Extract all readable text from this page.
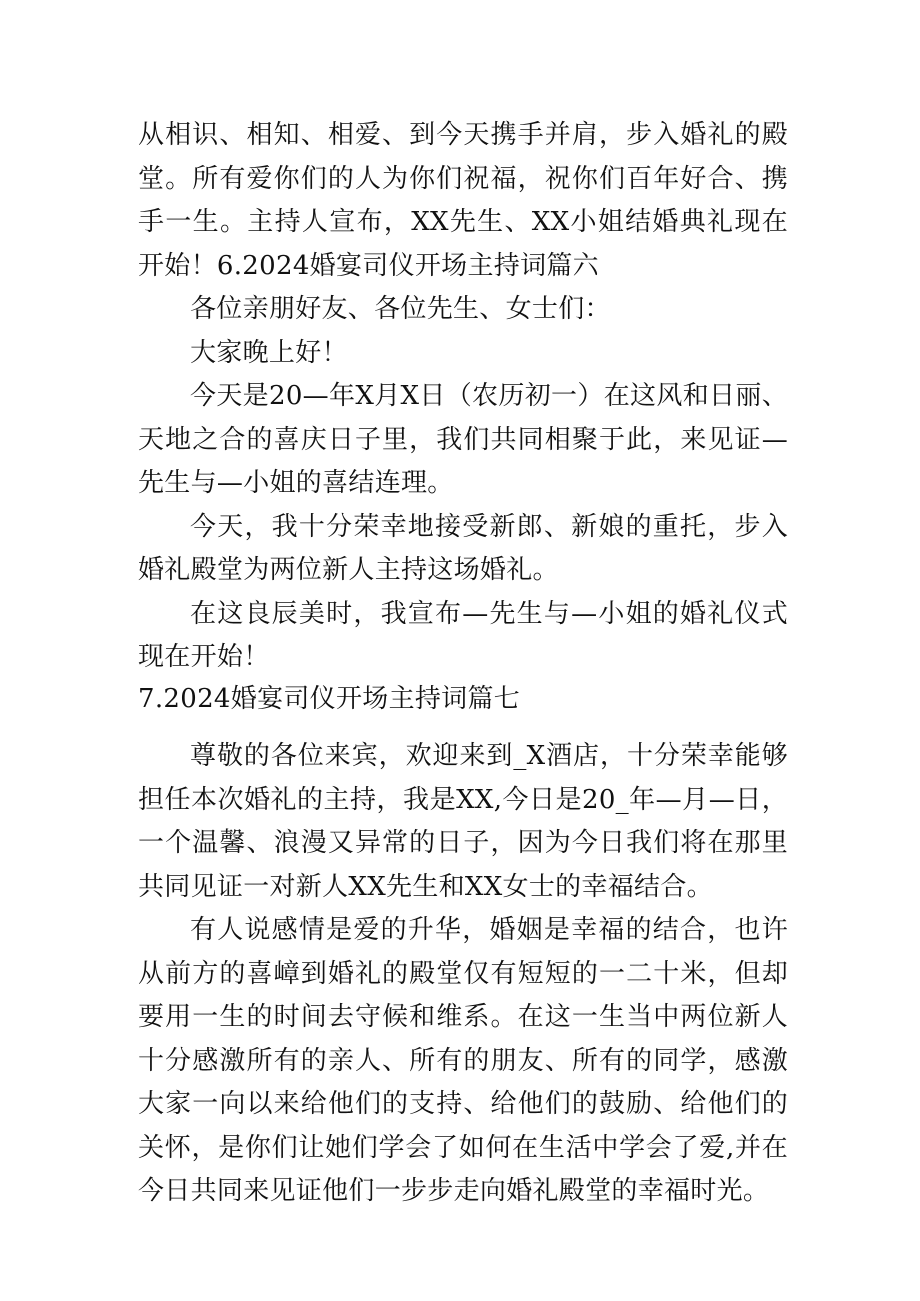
从相识、相知、相爱、到今天携手并肩，步入婚礼的殿堂。所有爱你们的人为你们祝福，祝你们百年好合、携手一生。主持人宣布，XX先生、XX小姐结婚典礼现在开始！6.2024婚宴司仪开场主持词篇六

各位亲朋好友、各位先生、女士们：

大家晚上好！

今天是20—年X月X日（农历初一）在这风和日丽、天地之合的喜庆日子里，我们共同相聚于此，来见证—先生与—小姐的喜结连理。

今天，我十分荣幸地接受新郎、新娘的重托，步入婚礼殿堂为两位新人主持这场婚礼。

在这良辰美时，我宣布—先生与—小姐的婚礼仪式现在开始！

7.2024婚宴司仪开场主持词篇七

尊敬的各位来宾，欢迎来到_X酒店，十分荣幸能够担任本次婚礼的主持，我是XX,今日是20_年—月—日，一个温馨、浪漫又异常的日子，因为今日我们将在那里共同见证一对新人XX先生和XX女士的幸福结合。

有人说感情是爱的升华，婚姻是幸福的结合，也许从前方的喜嶂到婚礼的殿堂仅有短短的一二十米，但却要用一生的时间去守候和维系。在这一生当中两位新人十分感激所有的亲人、所有的朋友、所有的同学，感激大家一向以来给他们的支持、给他们的鼓励、给他们的关怀，是你们让她们学会了如何在生活中学会了爱,并在今日共同来见证他们一步步走向婚礼殿堂的幸福时光。
